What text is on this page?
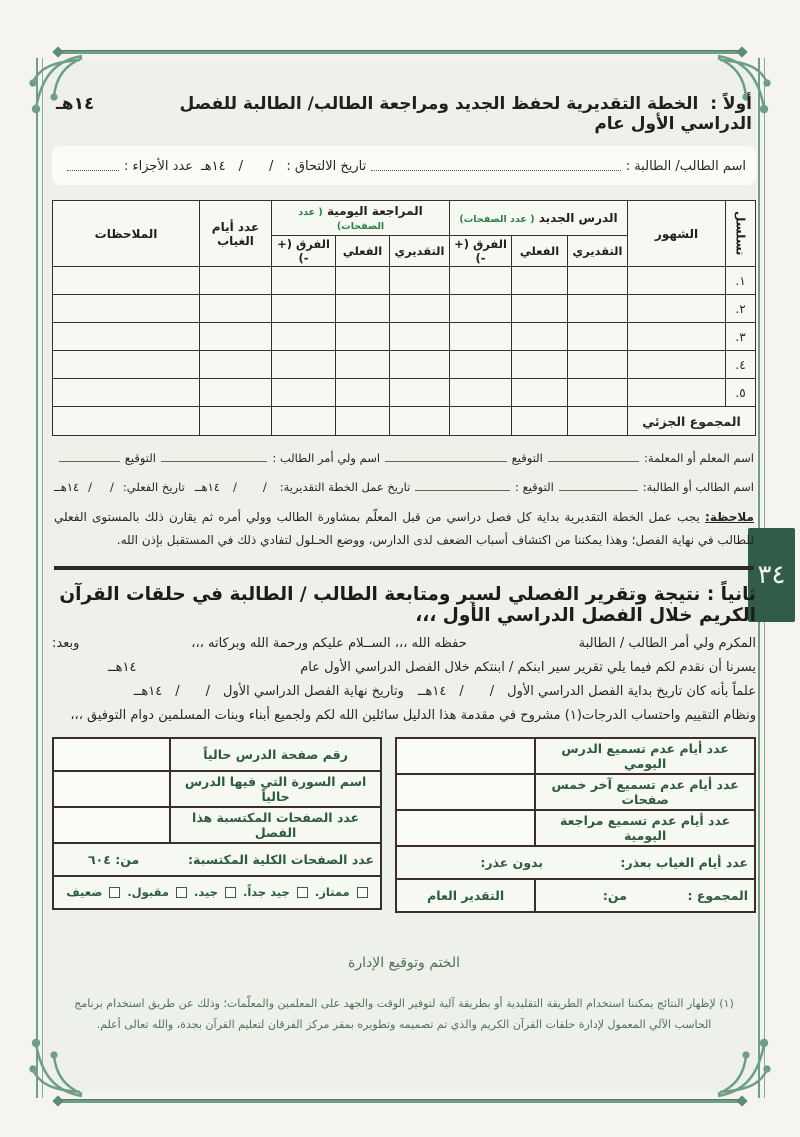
٣٤
أولاً :  الخطة التقديرية لحفظ الجديد ومراجعة الطالب/ الطالبة للفصل الدراسي الأول عام
١٤هـ
اسم الطالب/ الطالبة :
تاريخ الالتحاق :
/
/
١٤هـ
عدد الأجزاء :
تسلسل	الشهور	الدرس الجديد ( عدد الصفحات)			المراجعة اليومية ( عدد الصفحات)			عدد أيام الغياب	الملاحظات
		التقديري	الفعلي	الفرق (+ -)	التقديري	الفعلي	الفرق (+ -)		
١.									
٢.									
٣.									
٤.									
٥.									
المجموع الجزئي									
اسم المعلم أو المعلمة:
التوقيع
اسم ولي أمر الطالب :
التوقيع
اسم الطالب أو الطالبة:
التوقيع :
تاريخ عمل الخطة التقديرية:
/
/
١٤هــ
تاريخ الفعلي:
/
/
١٤هــ
ملاحظة: يجب عمل الخطة التقديرية بداية كل فصل دراسي من قبل المعلّم بمشاورة الطالب وولي أمره ثم يقارن ذلك بالمستوى الفعلي للطالب في نهاية الفصل؛ وهذا يمكننا من اكتشاف أسباب الضعف لدى الدارس، ووضع الحـلول لتفادي ذلك في المستقبل بإذن الله.
ثانياً : نتيجة وتقرير الفصلي لسير ومتابعة الطالب / الطالبة في حلقات القرآن الكريم خلال الفصل الدراسي الأول ،،،
المكرم ولي أمر الطالب / الطالبة
حفظه الله ،،، الســلام عليكم ورحمة الله وبركاته ،،،
وبعد:
يسرنا أن نقدم لكم فيما يلي تقرير سير ابنكم / ابنتكم خلال الفصل الدراسي الأول عام
١٤هــ
علماً بأنه كان تاريخ بداية الفصل الدراسي الأول
/
/
١٤هــ
وتاريخ نهاية الفصل الدراسي الأول
/
/
١٤هــ
ونظام التقييم واحتساب الدرجات(١) مشروح في مقدمة هذا الدليل سائلين الله لكم ولجميع أبناء وبنات المسلمين دوام التوفيق ،،،
عدد أيام عدم تسميع الدرس اليومي	
عدد أيام عدم تسميع آخر خمس صفحات	
عدد أيام عدم تسميع مراجعة اليومية	

عدد أيام الغياب بعذر:
بدون عذر:	

المجموع :
من:	التقدير العام
رقم صفحة الدرس حالياً	
اسم السورة التي فيها الدرس حالياً	
عدد الصفحات المكتسبة هذا الفصل	

عدد الصفحات الكلية المكتسبة:
من: ٦٠٤	

ممتاز.
جيد جداً.
جيد.
مقبول.
ضعيف	
الختم وتوقيع الإدارة
(١) لإظهار النتائج يمكننا استخدام الطريقة التقليدية أو بطريقة آلية لتوفير الوقت والجهد على المعلمين والمعلّمات؛ وذلك عن طريق استخدام برنامج الحاسب الآلي المعمول لإدارة حلقات القرآن الكريم والذي تم تصميمه وتطويره بمقر مركز الفرقان لتعليم القرآن بجدة، والله تعالى أعلم.
